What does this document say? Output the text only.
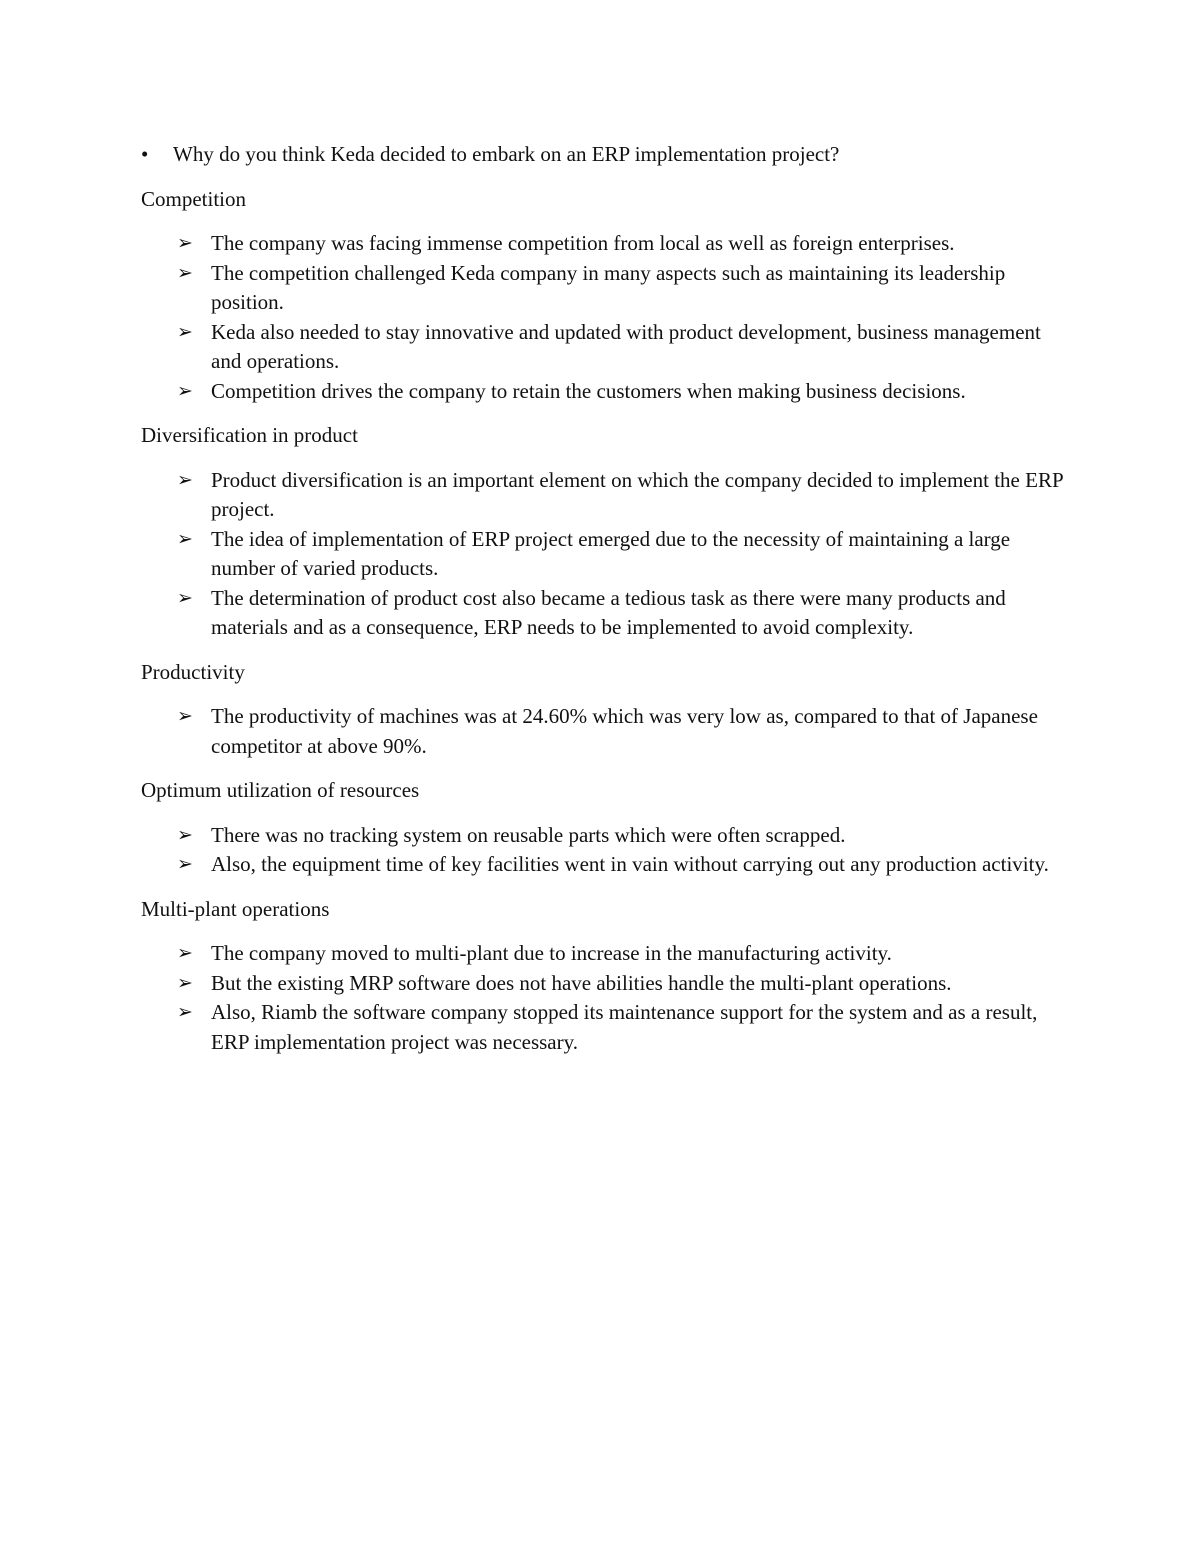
•	Why do you think Keda decided to embark on an ERP implementation project?
Competition
➢ The company was facing immense competition from local as well as foreign enterprises.
➢ The competition challenged Keda company in many aspects such as maintaining its leadership position.
➢ Keda also needed to stay innovative and updated with product development, business management and operations.
➢ Competition drives the company to retain the customers when making business decisions.
Diversification in product
➢ Product diversification is an important element on which the company decided to implement the ERP project.
➢ The idea of implementation of ERP project emerged due to the necessity of maintaining a large number of varied products.
➢ The determination of product cost also became a tedious task as there were many products and materials and as a consequence, ERP needs to be implemented to avoid complexity.
Productivity
➢ The productivity of machines was at 24.60% which was very low as, compared to that of Japanese competitor at above 90%.
Optimum utilization of resources
➢ There was no tracking system on reusable parts which were often scrapped.
➢ Also, the equipment time of key facilities went in vain without carrying out any production activity.
Multi-plant operations
➢ The company moved to multi-plant due to increase in the manufacturing activity.
➢ But the existing MRP software does not have abilities handle the multi-plant operations.
➢ Also, Riamb the software company stopped its maintenance support for the system and as a result, ERP implementation project was necessary.
